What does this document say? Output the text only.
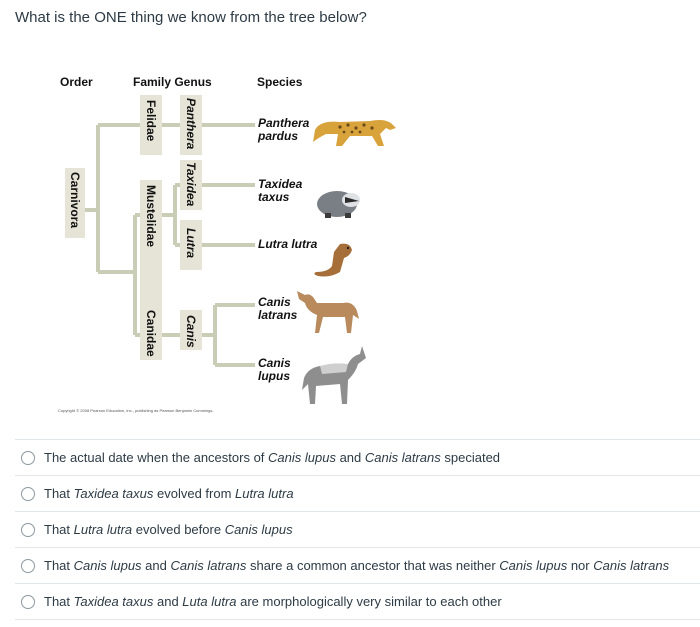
What is the ONE thing we know from the tree below?
Order	Family Genus	Species
Carnivora
Felidae
Mustelidae
Canidae
Panthera
Taxidea
Lutra
Canis
Panthera
pardus
Taxidea
taxus
Lutra lutra
Canis
latrans
Canis
lupus
Copyright © 2008 Pearson Education, Inc., publishing as Pearson Benjamin Cummings.
The actual date when the ancestors of Canis lupus and Canis latrans speciated
That Taxidea taxus evolved from Lutra lutra
That Lutra lutra evolved before Canis lupus
That Canis lupus and Canis latrans share a common ancestor that was neither Canis lupus nor Canis latrans
That Taxidea taxus and Luta lutra are morphologically very similar to each other
